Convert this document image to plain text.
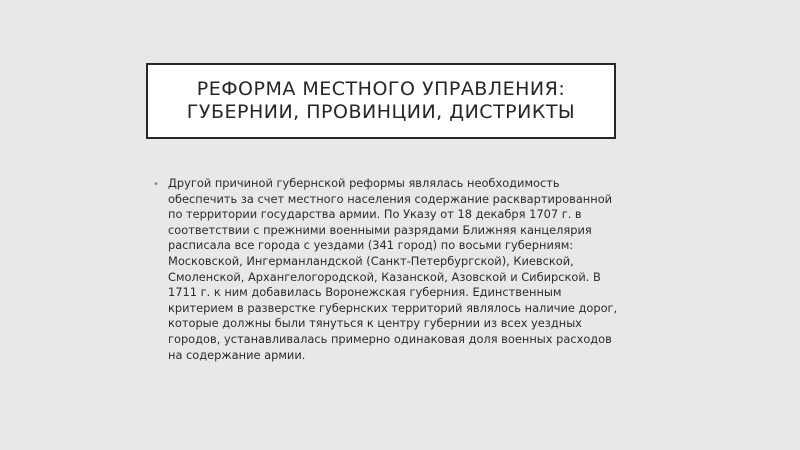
РЕФОРМА МЕСТНОГО УПРАВЛЕНИЯ:
ГУБЕРНИИ, ПРОВИНЦИИ, ДИСТРИКТЫ
• Другой причиной губернской реформы являлась необходимость
обеспечить за счет местного населения содержание расквартированной
по территории государства армии. По Указу от 18 декабря 1707 г. в
соответствии с прежними военными разрядами Ближняя канцелярия
расписала все города с уездами (341 город) по восьми губерниям:
Московской, Ингерманландской (Санкт-Петербургской), Киевской,
Смоленской, Архангелогородской, Казанской, Азовской и Сибирской. В
1711 г. к ним добавилась Воронежская губерния. Единственным
критерием в разверстке губернских территорий являлось наличие дорог,
которые должны были тянуться к центру губернии из всех уездных
городов, устанавливалась примерно одинаковая доля военных расходов
на содержание армии.
